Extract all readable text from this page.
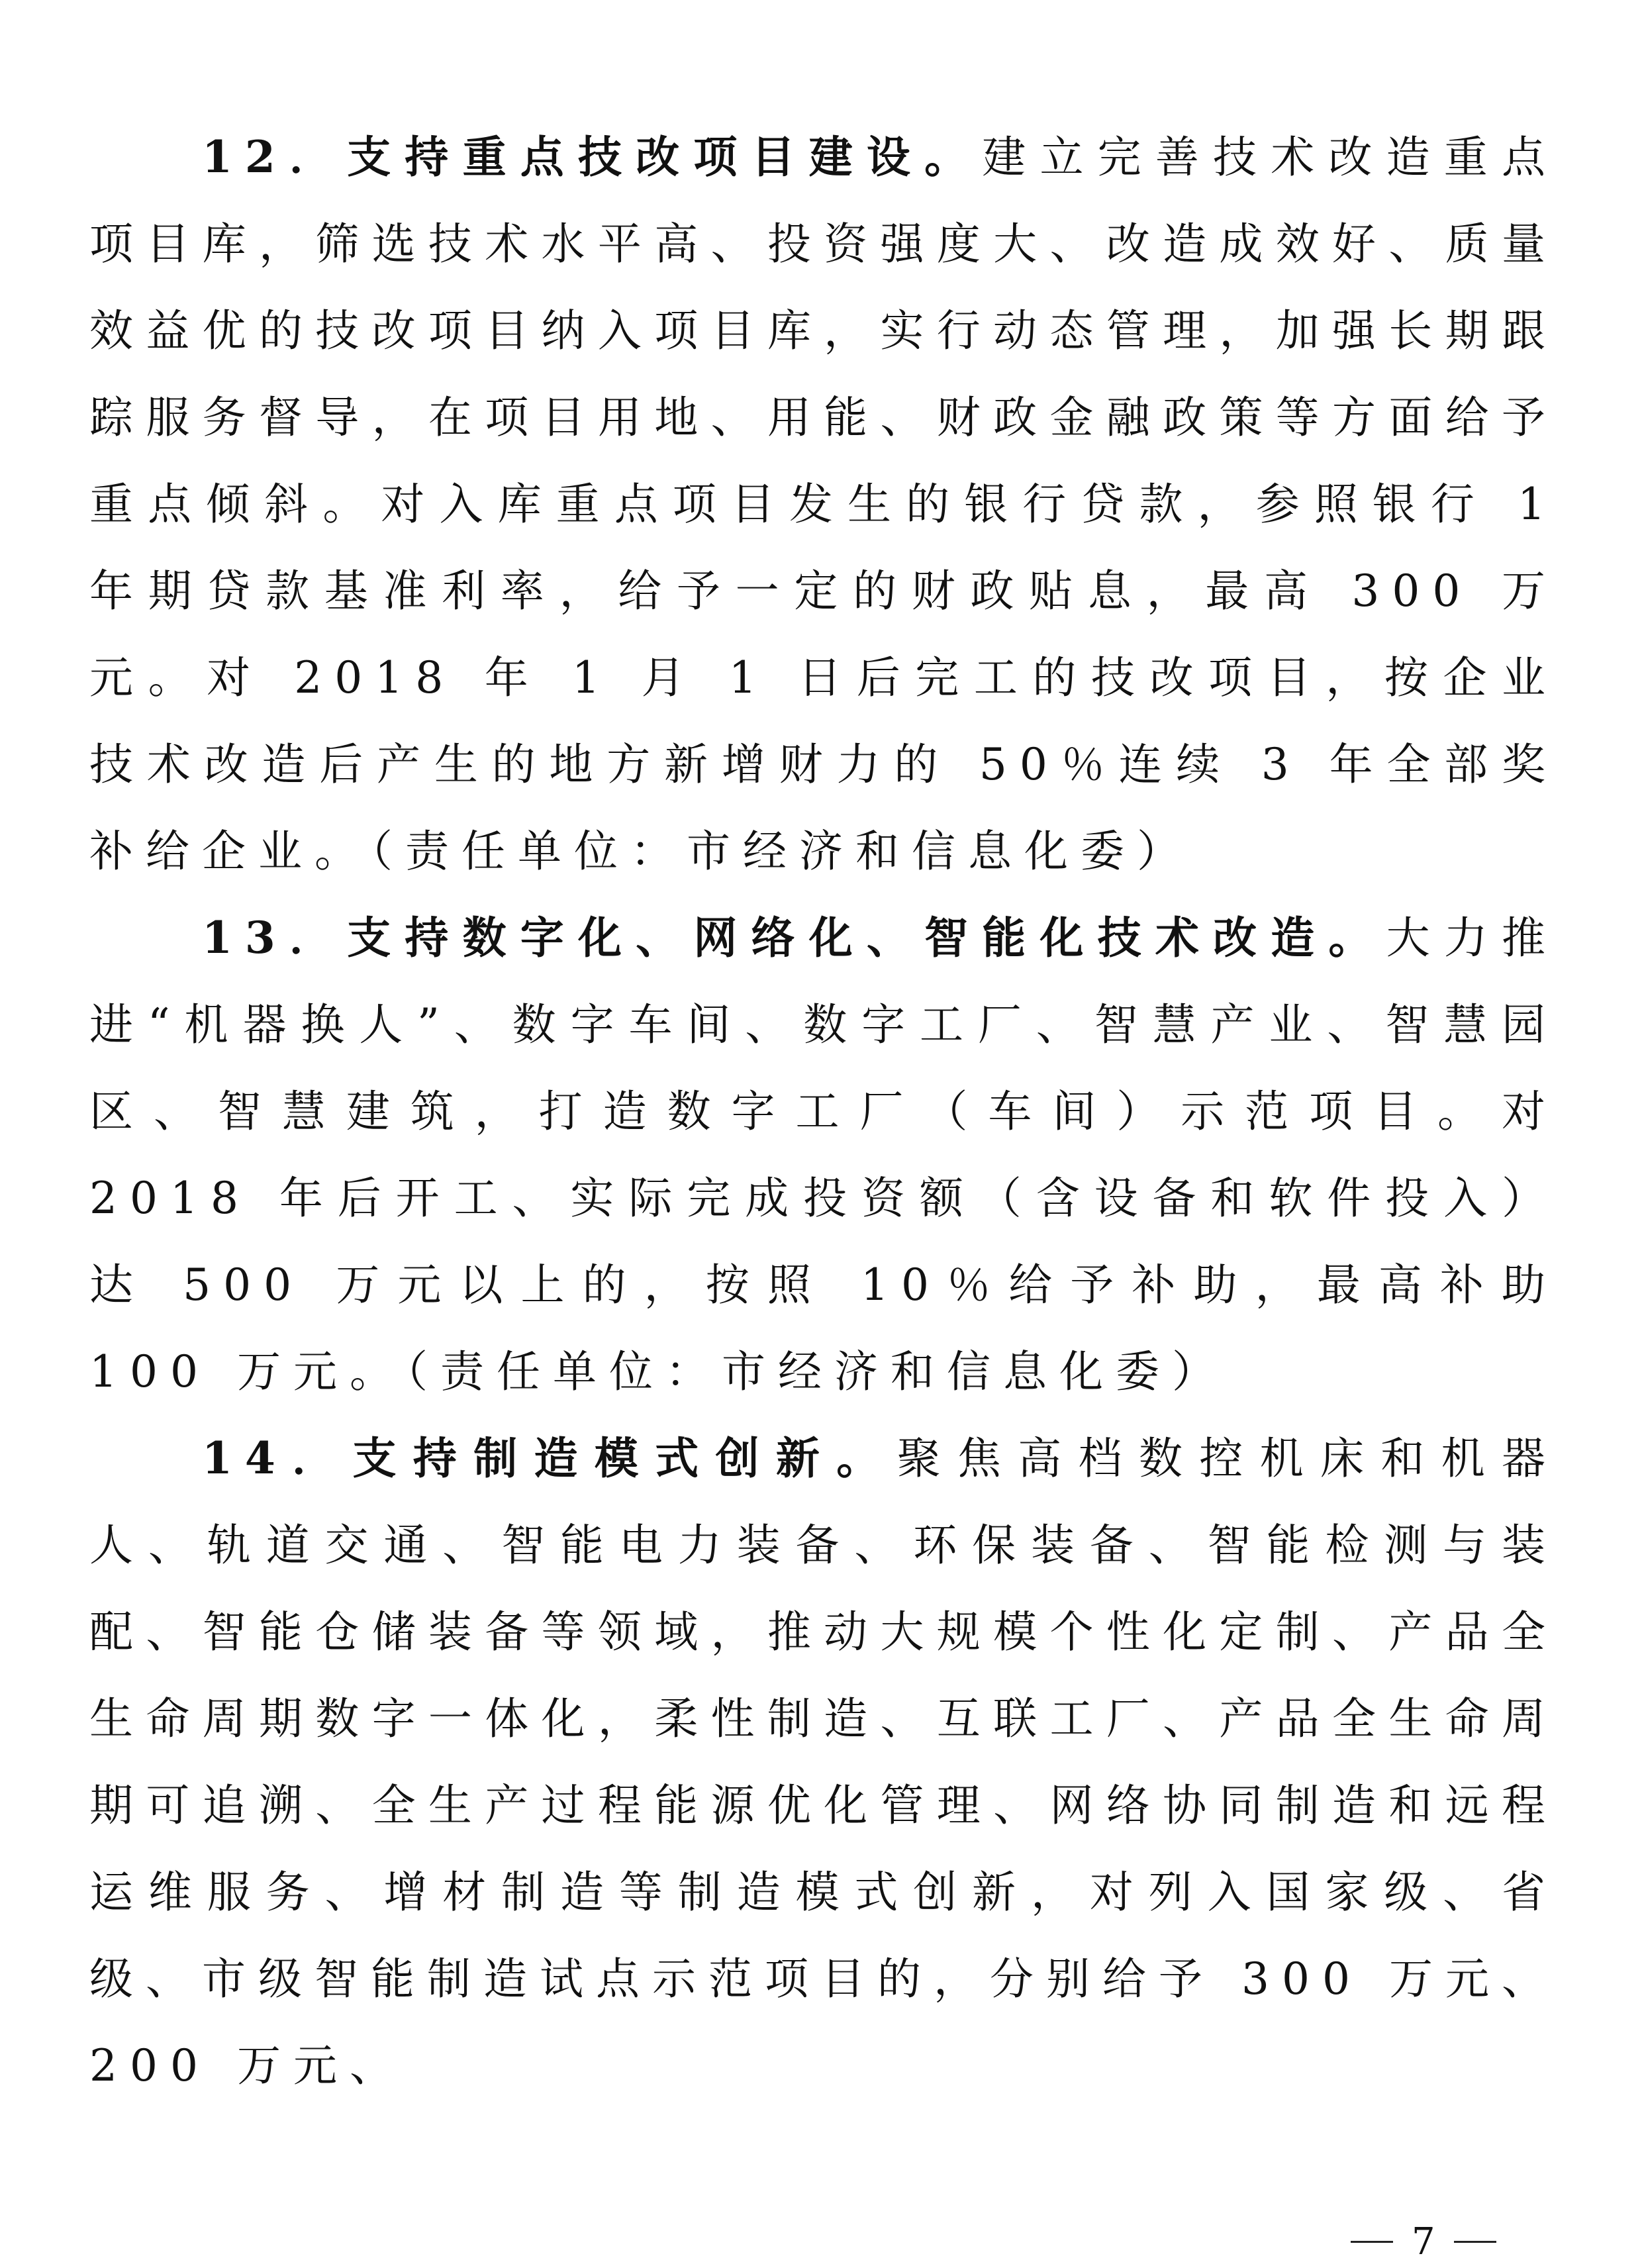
12．支持重点技改项目建设。建立完善技术改造重点项目库，筛选技术水平高、投资强度大、改造成效好、质量效益优的技改项目纳入项目库，实行动态管理，加强长期跟踪服务督导，在项目用地、用能、财政金融政策等方面给予重点倾斜。对入库重点项目发生的银行贷款，参照银行 1 年期贷款基准利率，给予一定的财政贴息，最高 300 万元。对 2018 年 1 月 1 日后完工的技改项目，按企业技术改造后产生的地方新增财力的 50％连续 3 年全部奖补给企业。（责任单位：市经济和信息化委）

13．支持数字化、网络化、智能化技术改造。大力推进“机器换人”、数字车间、数字工厂、智慧产业、智慧园区、智慧建筑，打造数字工厂（车间）示范项目。对 2018 年后开工、实际完成投资额（含设备和软件投入）达 500 万元以上的，按照 10％给予补助，最高补助 100 万元。（责任单位：市经济和信息化委）

14．支持制造模式创新。聚焦高档数控机床和机器人、轨道交通、智能电力装备、环保装备、智能检测与装配、智能仓储装备等领域，推动大规模个性化定制、产品全生命周期数字一体化，柔性制造、互联工厂、产品全生命周期可追溯、全生产过程能源优化管理、网络协同制造和远程运维服务、增材制造等制造模式创新，对列入国家级、省级、市级智能制造试点示范项目的，分别给予 300 万元、200 万元、

7
